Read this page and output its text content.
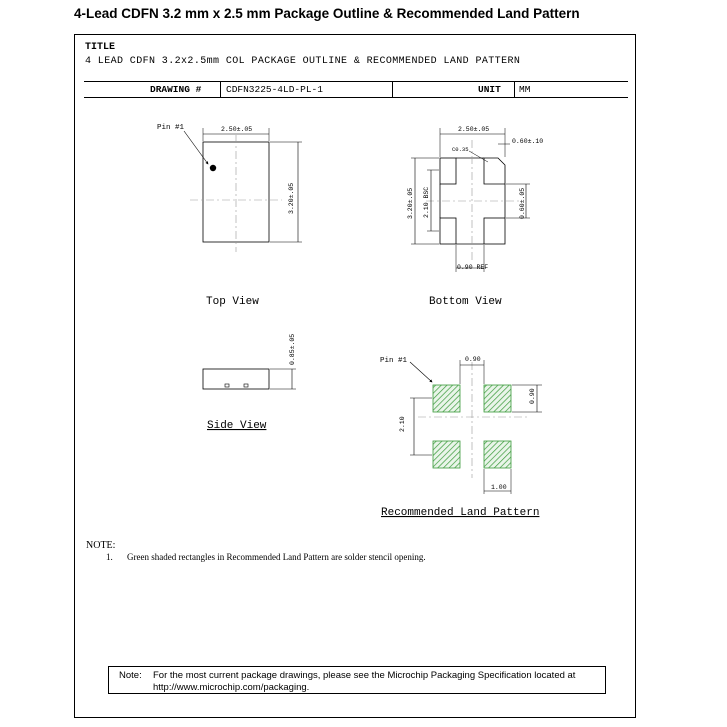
4-Lead CDFN 3.2 mm x 2.5 mm Package Outline & Recommended Land Pattern
TITLE
4 LEAD CDFN 3.2x2.5mm COL PACKAGE OUTLINE & RECOMMENDED LAND PATTERN
DRAWING #	CDFN3225-4LD-PL-1	UNIT MM
Pin #1	2.50±.05
3.20±.05
Top View
2.50±.05
0.60±.10
C0.35
3.20±.05 2.10 BSC	0.60±.05
0.90 REF
Bottom View
0.85±.05
Side View
Pin #1	0.90
0.90
2.10
1.00
Recommended Land Pattern
NOTE:
1. Green shaded rectangles in Recommended Land Pattern are solder stencil opening.
Note: For the most current package drawings, please see the Microchip Packaging Specification located at
http://www.microchip.com/packaging.
